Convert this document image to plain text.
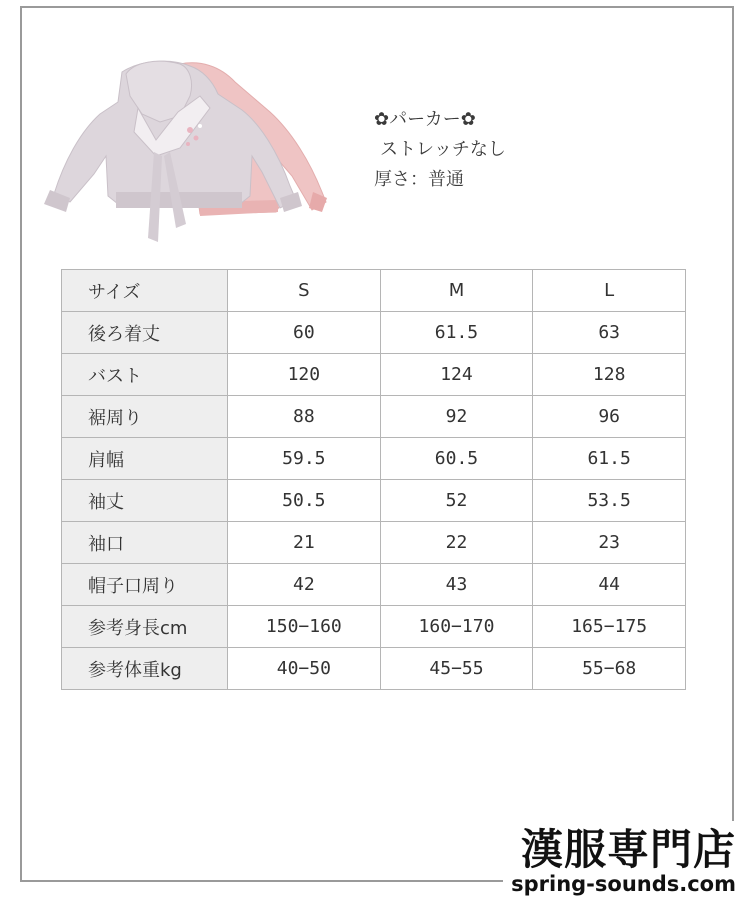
✿パーカー✿
ストレッチなし
厚さ：普通
サイズ	S	M	L
後ろ着丈	60	61.5	63
バスト	120	124	128
裾周り	88	92	96
肩幅	59.5	60.5	61.5
袖丈	50.5	52	53.5
袖口	21	22	23
帽子口周り	42	43	44
参考身長cm	150−160	160−170	165−175
参考体重kg	40−50	45−55	55−68
漢服専門店
spring-sounds.com
